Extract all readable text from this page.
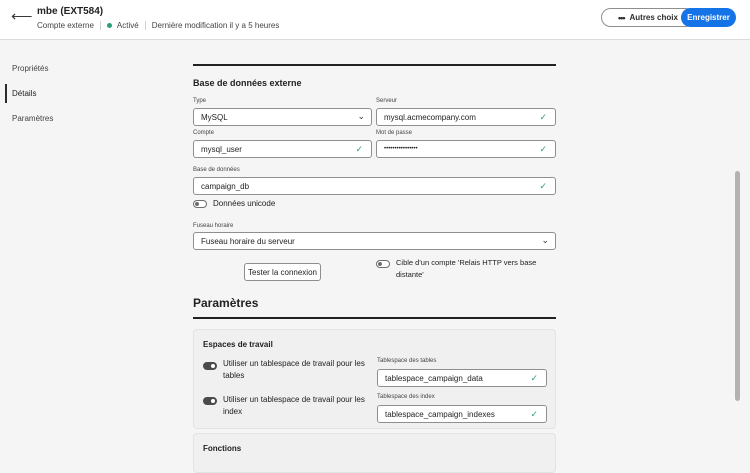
⟵ mbe (EXT584)
Compte externe	Activé Dernière modification il y a 5 heures
••• Autres choix	Enregistrer
Propriétés
Détails
Paramètres
Base de données externe
Type
MySQL	⌄
Serveur
mysql.acmecompany.com	✓
Compte
mysql_user	✓
Mot de passe
••••••••••••••••	✓
Base de données
campaign_db	✓
Données unicode
Fuseau horaire
Fuseau horaire du serveur	⌄
Tester la connexion
Cible d'un compte 'Relais HTTP vers base
distante'
Paramètres
Espaces de travail
Utiliser un tablespace de travail pour les
tables
Tablespace des tables
tablespace_campaign_data	✓
Utiliser un tablespace de travail pour les
index
Tablespace des index
tablespace_campaign_indexes	✓
Fonctions
